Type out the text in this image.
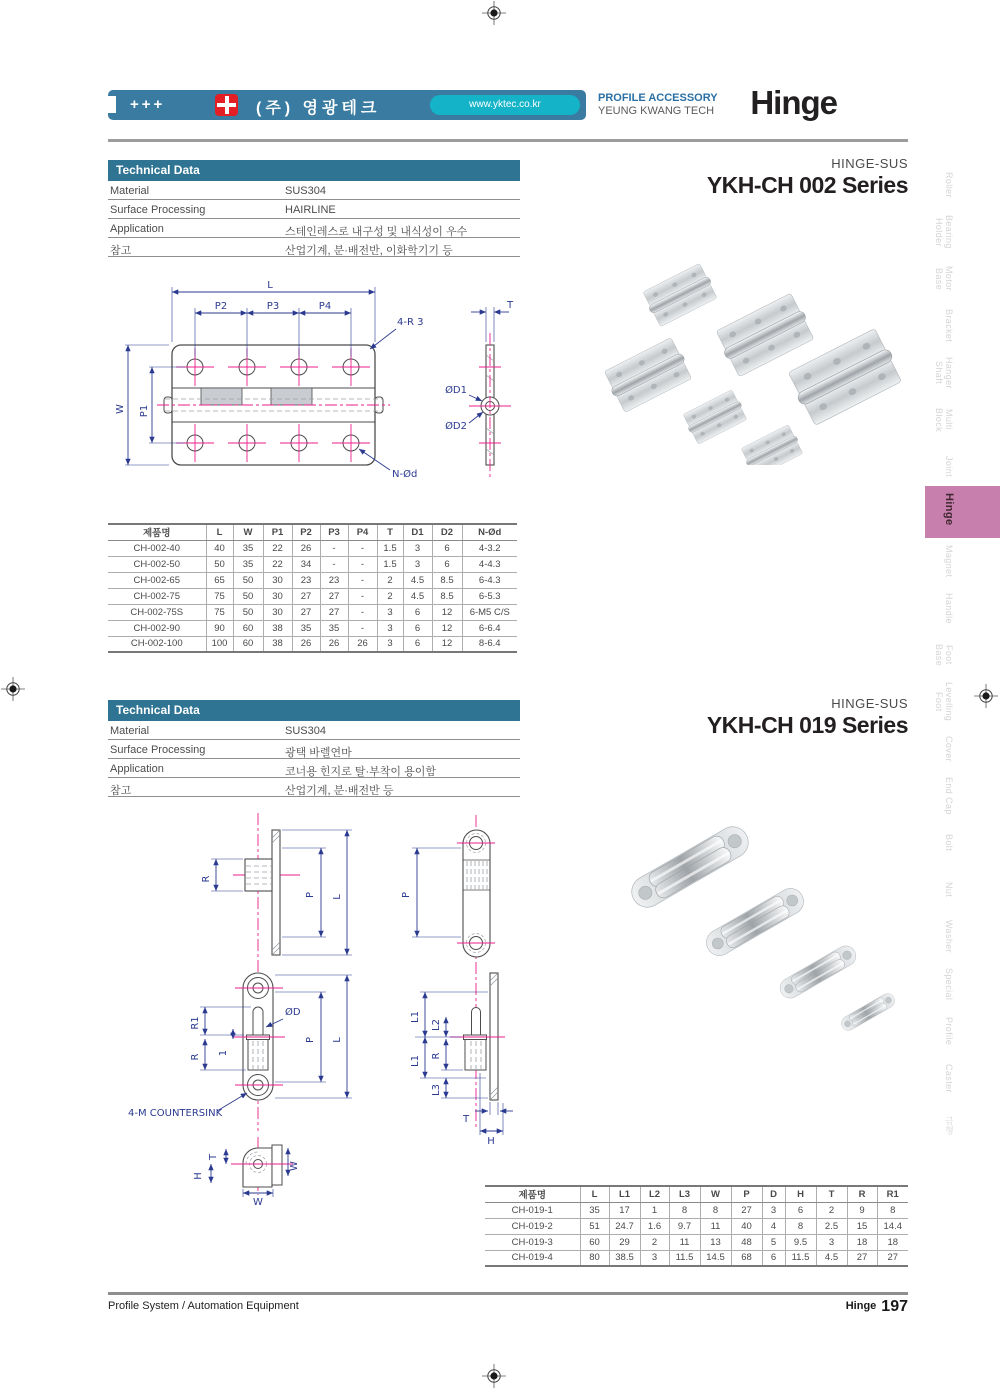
+++	(주) 영광테크	www.yktec.co.kr
PROFILE ACCESSORY
YEUNG KWANG TECH Hinge
Technical Data
Material	SUS304
Surface Processing	HAIRLINE
Application	스테인레스로 내구성 및 내식성이 우수
참고	산업기계, 분·배전반, 이화학기기 등
HINGE-SUS
YKH-CH 002 Series
L
P2	P3	P4
4-R 3
W P1
N-Ød
T
ØD1
ØD2
제품명	L	W	P1	P2	P3	P4	T	D1	D2	N-Ød
CH-002-40	40	35	22	26	-	-	1.5	3	6	4-3.2
CH-002-50	50	35	22	34	-	-	1.5	3	6	4-4.3
CH-002-65	65	50	30	23	23	-	2	4.5	8.5	6-4.3
CH-002-75	75	50	30	27	27	-	2	4.5	8.5	6-5.3
CH-002-75S	75	50	30	27	27	-	3	6	12	6-M5 C/S
CH-002-90	90	60	38	35	35	-	3	6	12	6-6.4
CH-002-100	100	60	38	26	26	26	3	6	12	8-6.4
Technical Data
Material	SUS304
Surface Processing	광택 바렐연마
Application	코너용 힌지로 탈·부착이 용이함
참고	산업기계, 분·배전반 등
HINGE-SUS
YKH-CH 019 Series
R
P L	P
R1
R
1
ØD
P L
4-M COUNTERSINK
L1
L2
L1 R
L3
T
H
T
H
W
W
제품명	L	L1	L2	L3	W	P	D	H	T	R	R1
CH-019-1	35	17	1	8	8	27	3	6	2	9	8
CH-019-2	51	24.7	1.6	9.7	11	40	4	8	2.5	15	14.4
CH-019-3	60	29	2	11	13	48	5	9.5	3	18	18
CH-019-4	80	38.5	3	11.5	14.5	68	6	11.5	4.5	27	27
Roller
Bearing Holder
Motor Base
Bracket
Hanger Shaft
Multi Block
Joint
Hinge
Magnet
Handle
Foot Base
Levelling Foot
Cover
End Cap
Bolt
Nut
Washer
Special
Profile
Caster
금형
Profile System / Automation Equipment	Hinge 197
